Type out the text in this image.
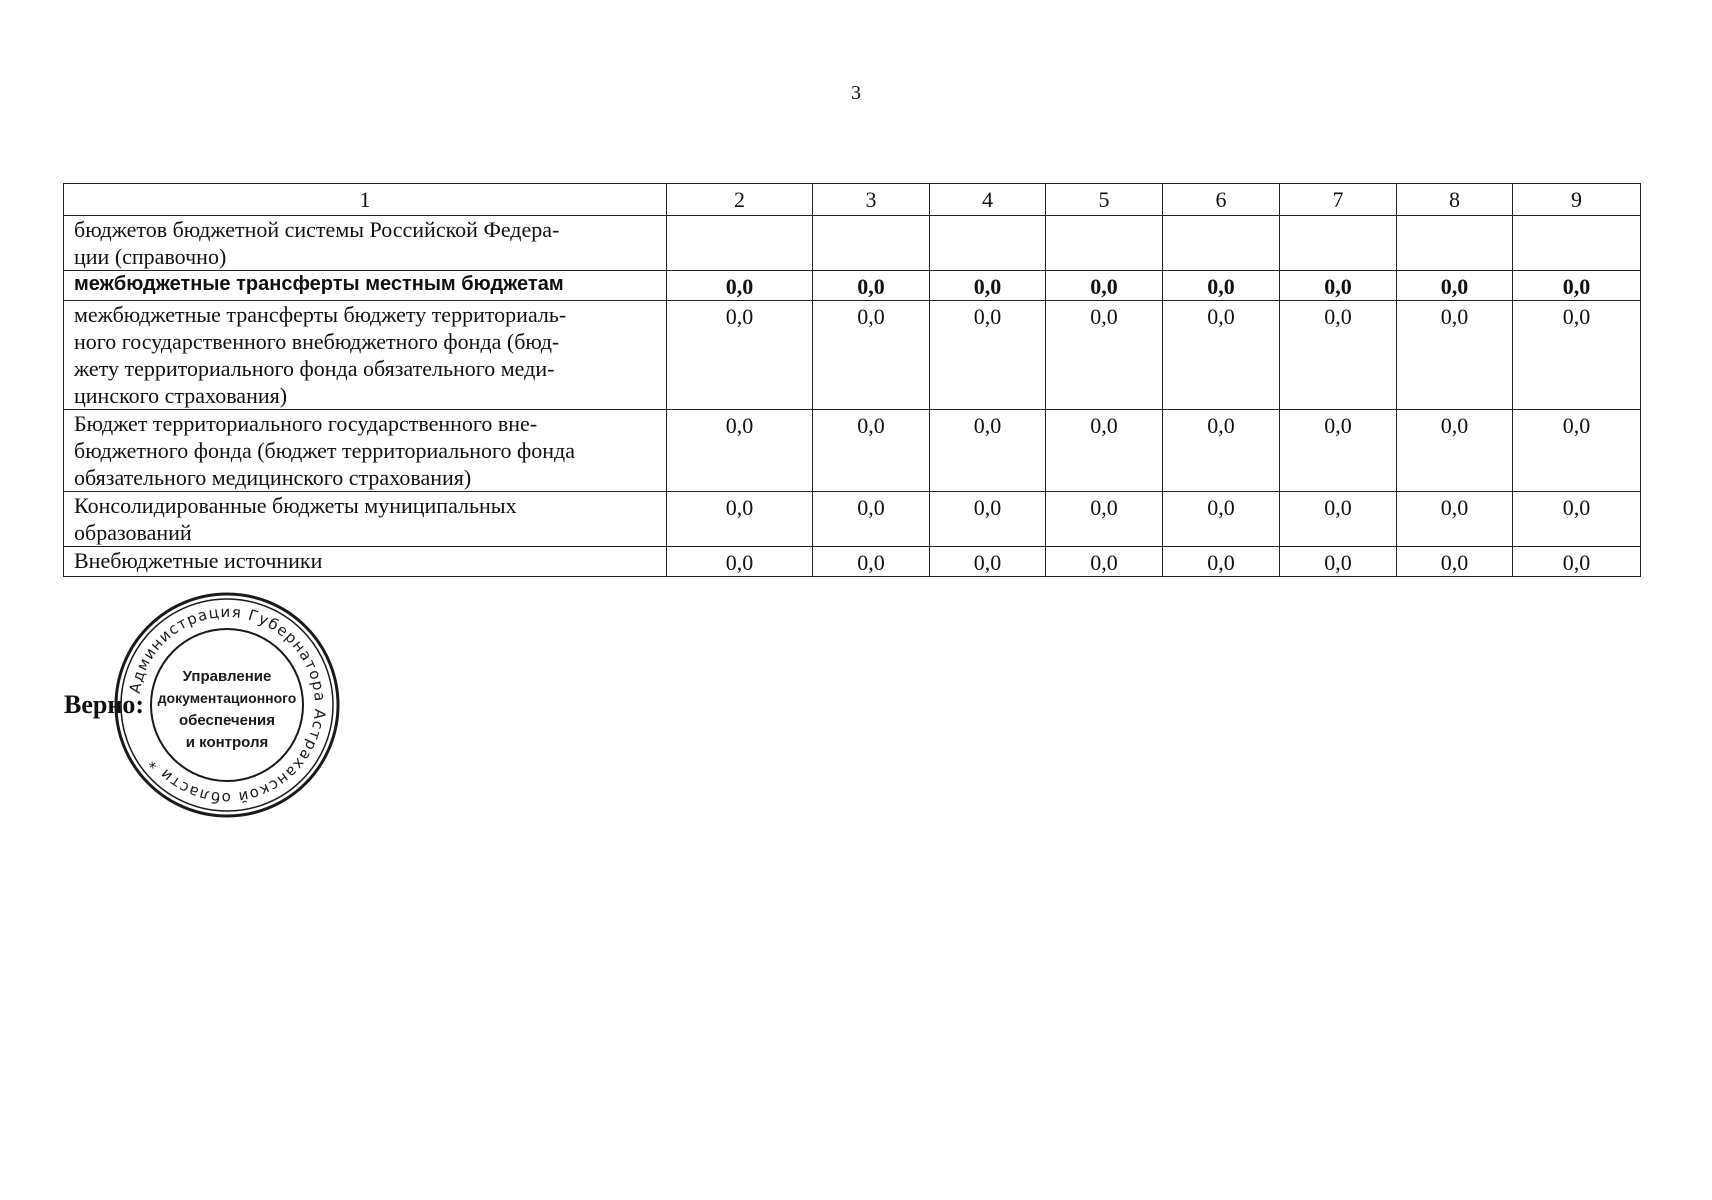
3
1	2	3	4	5	6	7	8	9
бюджетов бюджетной системы Российской Федера-
ции (справочно)								
межбюджетные трансферты местным бюджетам	0,0	0,0	0,0	0,0	0,0	0,0	0,0	0,0
межбюджетные трансферты бюджету территориаль-
ного государственного внебюджетного фонда (бюд-
жету территориального фонда обязательного меди-
цинского страхования)	0,0	0,0	0,0	0,0	0,0	0,0	0,0	0,0
Бюджет территориального государственного вне-
бюджетного фонда (бюджет территориального фонда
обязательного медицинского страхования)	0,0	0,0	0,0	0,0	0,0	0,0	0,0	0,0
Консолидированные бюджеты муниципальных
образований	0,0	0,0	0,0	0,0	0,0	0,0	0,0	0,0
Внебюджетные источники	0,0	0,0	0,0	0,0	0,0	0,0	0,0	0,0
Верно:
Администрация Губернатора Астраханской области *
Управление
документационного
обеспечения
и контроля
